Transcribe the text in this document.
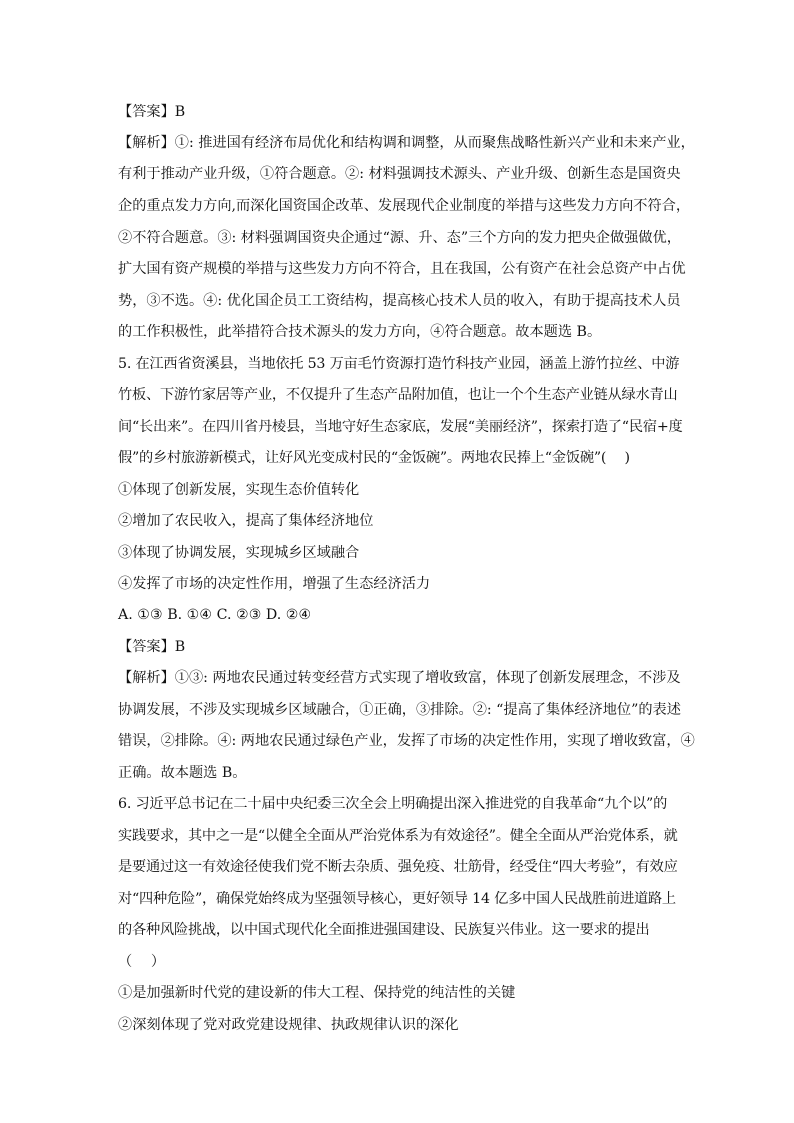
【答案】B
【解析】①: 推进国有经济布局优化和结构调和调整，从而聚焦战略性新兴产业和未来产业，
有利于推动产业升级，①符合题意。②: 材料强调技术源头、产业升级、创新生态是国资央
企的重点发力方向,而深化国资国企改革、发展现代企业制度的举措与这些发力方向不符合，
②不符合题意。③: 材料强调国资央企通过“源、升、态”三个方向的发力把央企做强做优，
扩大国有资产规模的举措与这些发力方向不符合，且在我国，公有资产在社会总资产中占优
势，③不选。④: 优化国企员工工资结构，提高核心技术人员的收入，有助于提高技术人员
的工作积极性，此举措符合技术源头的发力方向，④符合题意。故本题选 B。
5. 在江西省资溪县，当地依托 53 万亩毛竹资源打造竹科技产业园，涵盖上游竹拉丝、中游
竹板、下游竹家居等产业，不仅提升了生态产品附加值，也让一个个生态产业链从绿水青山
间“长出来”。在四川省丹棱县，当地守好生态家底，发展“美丽经济”，探索打造了“民宿+度
假”的乡村旅游新模式，让好风光变成村民的“金饭碗”。两地农民捧上“金饭碗”(　 )
①体现了创新发展，实现生态价值转化
②增加了农民收入，提高了集体经济地位
③体现了协调发展，实现城乡区域融合
④发挥了市场的决定性作用，增强了生态经济活力
A. ①③ B. ①④ C. ②③ D. ②④
【答案】B
【解析】①③: 两地农民通过转变经营方式实现了增收致富，体现了创新发展理念，不涉及
协调发展，不涉及实现城乡区域融合，①正确，③排除。②: “提高了集体经济地位”的表述
错误，②排除。④: 两地农民通过绿色产业，发挥了市场的决定性作用，实现了增收致富，④
正确。故本题选 B。
6. 习近平总书记在二十届中央纪委三次全会上明确提出深入推进党的自我革命“九个以”的
实践要求，其中之一是“以健全全面从严治党体系为有效途径”。健全全面从严治党体系，就
是要通过这一有效途径使我们党不断去杂质、强免疫、壮筋骨，经受住“四大考验”，有效应
对“四种危险”，确保党始终成为坚强领导核心，更好领导 14 亿多中国人民战胜前进道路上
的各种风险挑战，以中国式现代化全面推进强国建设、民族复兴伟业。这一要求的提出
（　 ）
①是加强新时代党的建设新的伟大工程、保持党的纯洁性的关键
②深刻体现了党对政党建设规律、执政规律认识的深化
